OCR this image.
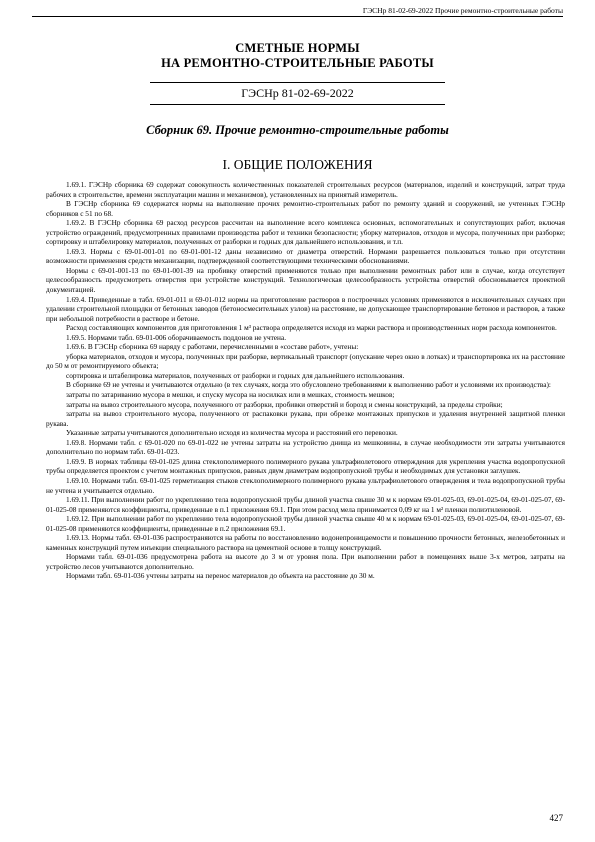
ГЭСНр 81-02-69-2022 Прочие ремонтно-строительные работы
СМЕТНЫЕ НОРМЫ
НА РЕМОНТНО-СТРОИТЕЛЬНЫЕ РАБОТЫ
ГЭСНр 81-02-69-2022
Сборник 69. Прочие ремонтно-строительные работы
I. ОБЩИЕ ПОЛОЖЕНИЯ

1.69.1. ГЭСНр сборника 69 содержат совокупность количественных показателей строительных ресурсов (материалов, изделий и конструкций, затрат труда рабочих в строительстве, времени эксплуатации машин и механизмов), установленных на принятый измеритель.

В ГЭСНр сборника 69 содержатся нормы на выполнение прочих ремонтно-строительных работ по ремонту зданий и сооружений, не учтенных ГЭСНр сборников с 51 по 68.

1.69.2. В ГЭСНр сборника 69 расход ресурсов рассчитан на выполнение всего комплекса основных, вспомогательных и сопутствующих работ, включая устройство ограждений, предусмотренных правилами производства работ и техники безопасности; уборку материалов, отходов и мусора, полученных при разборке; сортировку и штабелировку материалов, полученных от разборки и годных для дальнейшего использования, и т.п.

1.69.3. Нормы с 69-01-001-01 по 69-01-001-12 даны независимо от диаметра отверстий. Нормами разрешается пользоваться только при отсутствии возможности применения средств механизации, подтвержденной соответствующими техническими обоснованиями.

Нормы с 69-01-001-13 по 69-01-001-39 на пробивку отверстий применяются только при выполнении ремонтных работ или в случае, когда отсутствует целесообразность предусмотреть отверстия при устройстве конструкций. Технологическая целесообразность устройства отверстий обосновывается проектной документацией.

1.69.4. Приведенные в табл. 69-01-011 и 69-01-012 нормы на приготовление растворов в построечных условиях применяются в исключительных случаях при удалении строительной площадки от бетонных заводов (бетоносмесительных узлов) на расстояние, не допускающее транспортирование бетонов и растворов, а также при небольшой потребности в растворе и бетоне.

Расход составляющих компонентов для приготовления 1 м³ раствора определяется исходя из марки раствора и производственных норм расхода компонентов.

1.69.5. Нормами табл. 69-01-006 оборачиваемость поддонов не учтена.

1.69.6. В ГЭСНр сборника 69 наряду с работами, перечисленными в «составе работ», учтены:

уборка материалов, отходов и мусора, полученных при разборке, вертикальный транспорт (опускание через окно в лотках) и транспортировка их на расстояние до 50 м от ремонтируемого объекта;

сортировка и штабелировка материалов, полученных от разборки и годных для дальнейшего использования.

В сборнике 69 не учтены и учитываются отдельно (в тех случаях, когда это обусловлено требованиями к выполнению работ и условиями их производства):

затраты по затариванию мусора в мешки, и спуску мусора на носилках или в мешках, стоимость мешков;

затраты на вывоз строительного мусора, полученного от разборки, пробивки отверстий и борозд и смены конструкций, за пределы стройки;

затраты на вывоз строительного мусора, полученного от распаковки рукава, при обрезке монтажных припусков и удаления внутренней защитной пленки рукава.

Указанные затраты учитываются дополнительно исходя из количества мусора и расстояний его перевозки.

1.69.8. Нормами табл. с 69-01-020 по 69-01-022 не учтены затраты на устройство днища из мешковины, в случае необходимости эти затраты учитываются дополнительно по нормам табл. 69-01-023.

1.69.9. В нормах таблицы 69-01-025 длина стеклополимерного полимерного рукава ультрафиолетового отверждения для укрепления участка водопропускной трубы определяется проектом с учетом монтажных припусков, равных двум диаметрам водопропускной трубы и необходимых для установки заглушек.

1.69.10. Нормами табл. 69-01-025 герметизация стыков стеклополимерного полимерного рукава ультрафиолетового отверждения и тела водопропускной трубы не учтена и учитывается отдельно.

1.69.11. При выполнении работ по укреплению тела водопропускной трубы длиной участка свыше 30 м к нормам 69-01-025-03, 69-01-025-04, 69-01-025-07, 69-01-025-08 применяются коэффициенты, приведенные в п.1 приложения 69.1. При этом расход мела принимается 0,09 кг на 1 м² пленки полиэтиленовой.

1.69.12. При выполнении работ по укреплению тела водопропускной трубы длиной участка свыше 40 м к нормам 69-01-025-03, 69-01-025-04, 69-01-025-07, 69-01-025-08 применяются коэффициенты, приведенные в п.2 приложения 69.1.

1.69.13. Нормы табл. 69-01-036 распространяются на работы по восстановлению водонепроницаемости и повышению прочности бетонных, железобетонных и каменных конструкций путем инъекции специального раствора на цементной основе в толщу конструкций.

Нормами табл. 69-01-036 предусмотрена работа на высоте до 3 м от уровня пола. При выполнении работ в помещениях выше 3-х метров, затраты на устройство лесов учитываются дополнительно.

Нормами табл. 69-01-036 учтены затраты на перенос материалов до объекта на расстояние до 30 м.

427
